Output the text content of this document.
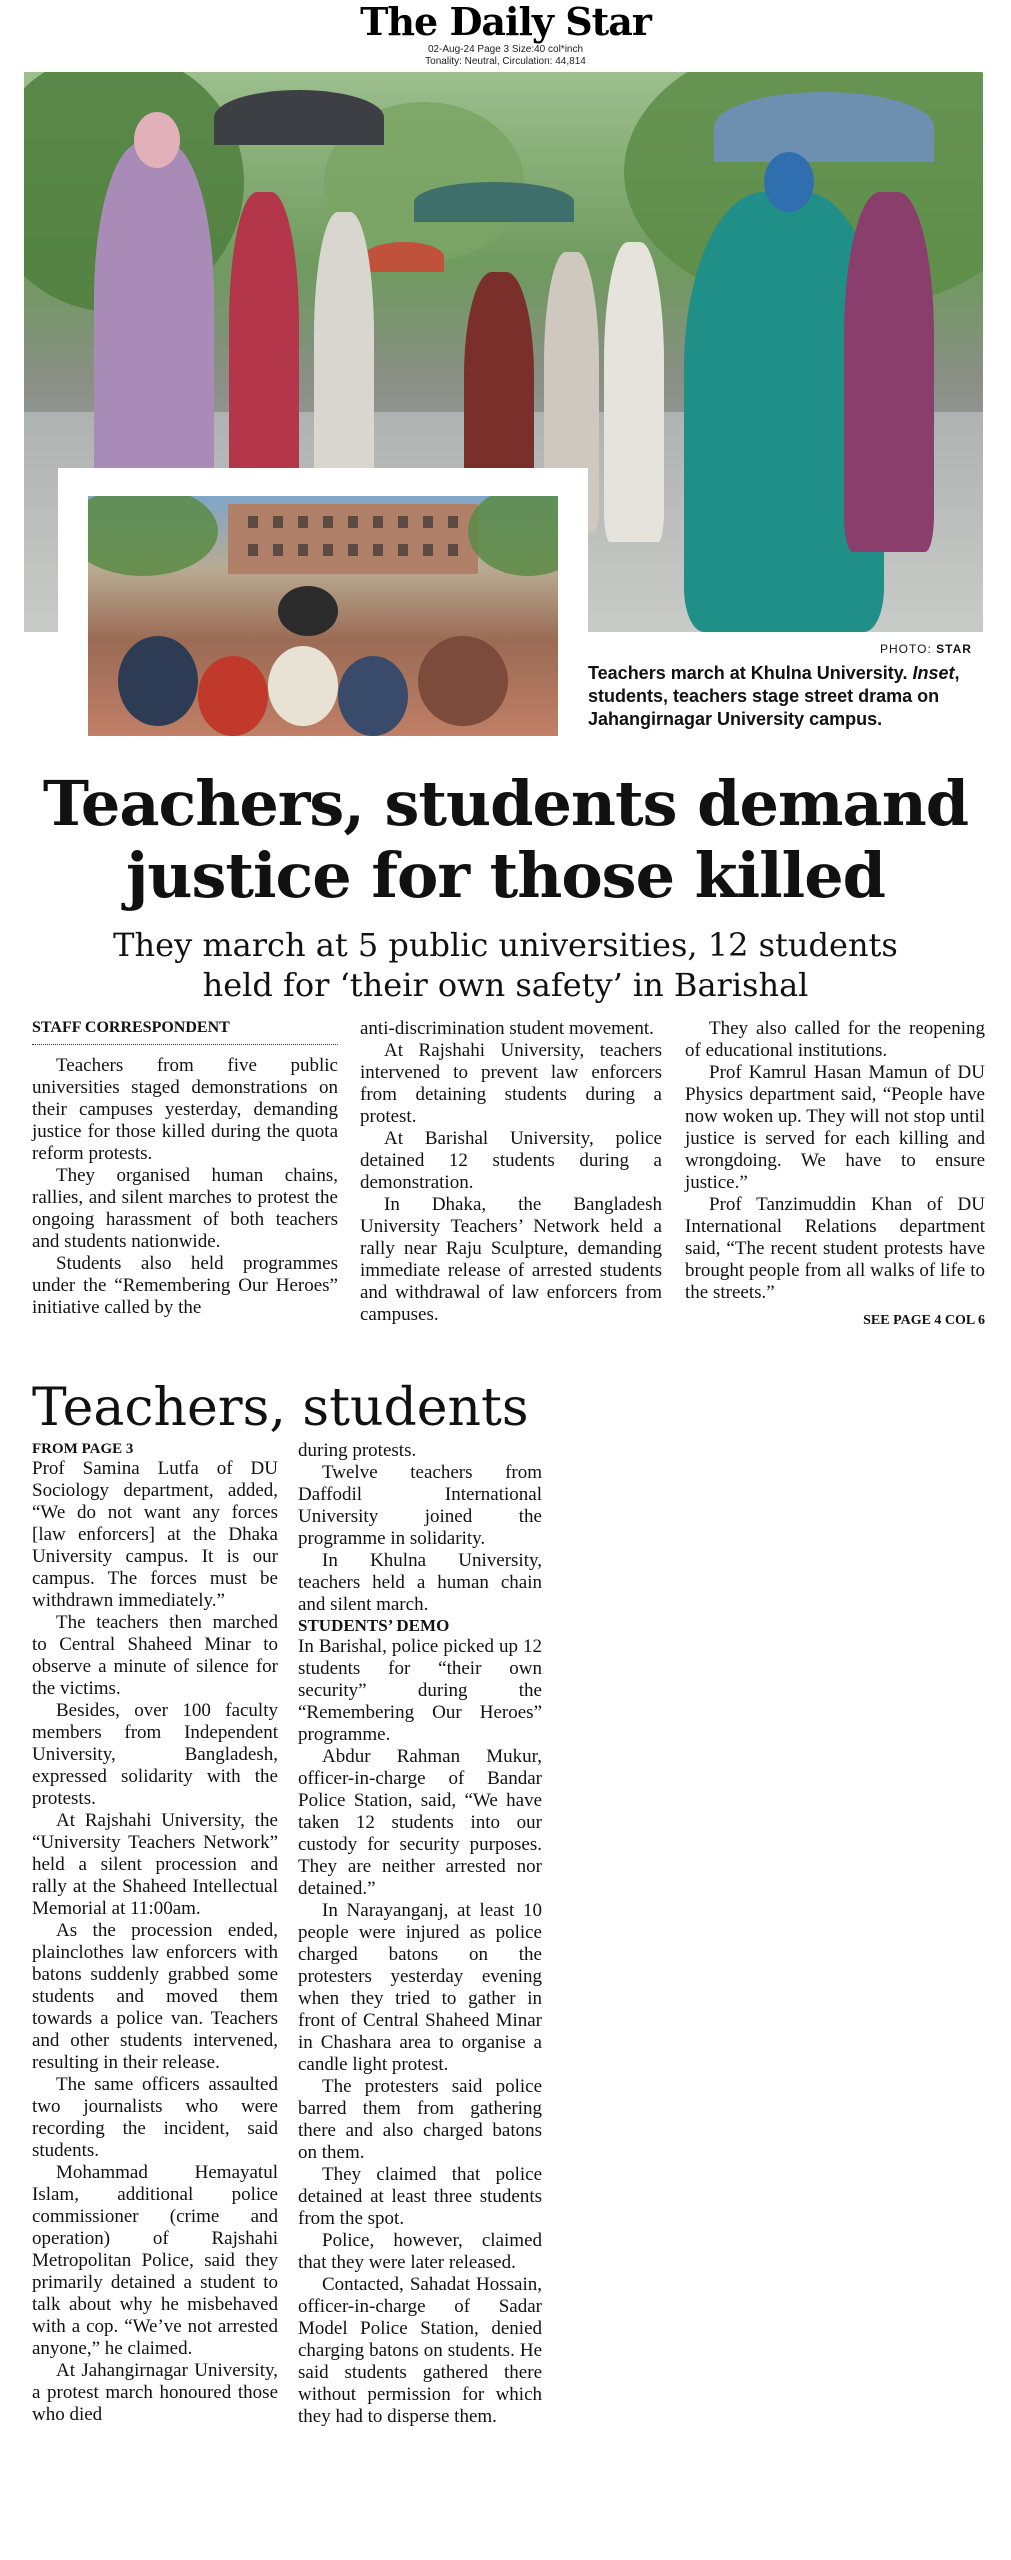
The Daily Star
02-Aug-24 Page 3 Size:40 col*inch
Tonality: Neutral, Circulation: 44,814
PHOTO: STAR
Teachers march at Khulna University. Inset, students, teachers stage street drama on Jahangirnagar University campus.
Teachers, students demand
justice for those killed
They march at 5 public universities, 12 students
held for ‘their own safety’ in Barishal
STAFF CORRESPONDENT

Teachers from five public universities staged demonstrations on their campuses yesterday, demanding justice for those killed during the quota reform protests.

They organised human chains, rallies, and silent marches to protest the ongoing harassment of both teachers and students nationwide.

Students also held programmes under the “Remembering Our Heroes” initiative called by the

anti-discrimination student movement.

At Rajshahi University, teachers intervened to prevent law enforcers from detaining students during a protest.

At Barishal University, police detained 12 students during a demonstration.

In Dhaka, the Bangladesh University Teachers’ Network held a rally near Raju Sculpture, demanding immediate release of arrested students and withdrawal of law enforcers from campuses.

They also called for the reopening of educational institutions.

Prof Kamrul Hasan Mamun of DU Physics department said, “People have now woken up. They will not stop until justice is served for each killing and wrongdoing. We have to ensure justice.”

Prof Tanzimuddin Khan of DU International Relations department said, “The recent student protests have brought people from all walks of life to the streets.”

SEE PAGE 4 COL 6
Teachers, students
FROM PAGE 3

Prof Samina Lutfa of DU Sociology department, added, “We do not want any forces [law enforcers] at the Dhaka University campus. It is our campus. The forces must be withdrawn immediately.”

The teachers then marched to Central Shaheed Minar to observe a minute of silence for the victims.

Besides, over 100 faculty members from Independent University, Bangladesh, expressed solidarity with the protests.

At Rajshahi University, the “University Teachers Network” held a silent procession and rally at the Shaheed Intellectual Memorial at 11:00am.

As the procession ended, plainclothes law enforcers with batons suddenly grabbed some students and moved them towards a police van. Teachers and other students intervened, resulting in their release.

The same officers assaulted two journalists who were recording the incident, said students.

Mohammad Hemayatul Islam, additional police commissioner (crime and operation) of Rajshahi Metropolitan Police, said they primarily detained a student to talk about why he misbehaved with a cop. “We’ve not arrested anyone,” he claimed.

At Jahangirnagar University, a protest march honoured those who died

during protests.

Twelve teachers from Daffodil International University joined the programme in solidarity.

In Khulna University, teachers held a human chain and silent march.

STUDENTS’ DEMO

In Barishal, police picked up 12 students for “their own security” during the “Remembering Our Heroes” programme.

Abdur Rahman Mukur, officer-in-charge of Bandar Police Station, said, “We have taken 12 students into our custody for security purposes. They are neither arrested nor detained.”

In Narayanganj, at least 10 people were injured as police charged batons on the protesters yesterday evening when they tried to gather in front of Central Shaheed Minar in Chashara area to organise a candle light protest.

The protesters said police barred them from gathering there and also charged batons on them.

They claimed that police detained at least three students from the spot.

Police, however, claimed that they were later released.

Contacted, Sahadat Hossain, officer-in-charge of Sadar Model Police Station, denied charging batons on students. He said students gathered there without permission for which they had to disperse them.
